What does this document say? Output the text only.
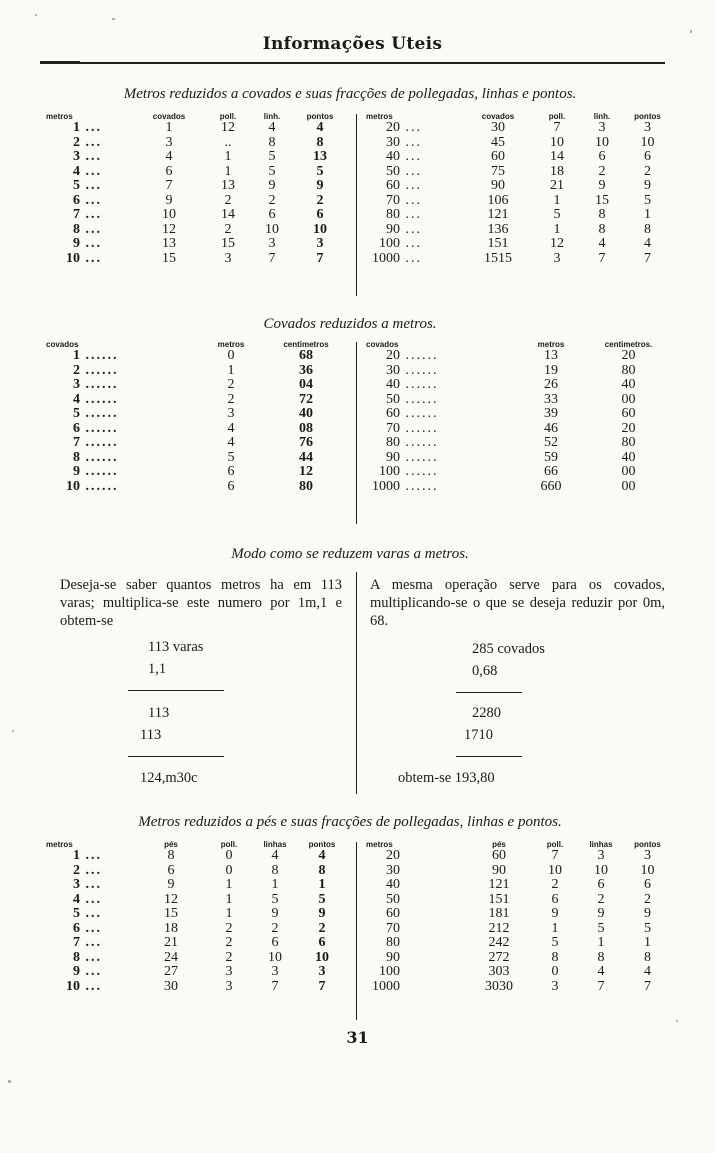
Informações Uteis
Metros reduzidos a covados e suas fracções de pollegadas, linhas e pontos.
metros	covados	poll.	linh.	pontos
1 ...	1	12	4	4
2 ...	3	..	8	8
3 ...	4	1	5	13
4 ...	6	1	5	5
5 ...	7	13	9	9
6 ...	9	2	2	2
7 ...	10	14	6	6
8 ...	12	2	10	10
9 ...	13	15	3	3
10 ...	15	3	7	7
metros	covados	poll.	linh.	pontos
20 ...	30	7	3	3
30 ...	45	10	10	10
40 ...	60	14	6	6
50 ...	75	18	2	2
60 ...	90	21	9	9
70 ...	106	1	15	5
80 ...	121	5	8	1
90 ...	136	1	8	8
100 ...	151	12	4	4
1000 ...	1515	3	7	7
Covados reduzidos a metros.
covados	metros	centimetros
1 ......	0	68
2 ......	1	36
3 ......	2	04
4 ......	2	72
5 ......	3	40
6 ......	4	08
7 ......	4	76
8 ......	5	44
9 ......	6	12
10 ......	6	80
covados	metros	centimetros.
20 ......	13	20
30 ......	19	80
40 ......	26	40
50 ......	33	00
60 ......	39	60
70 ......	46	20
80 ......	52	80
90 ......	59	40
100 ......	66	00
1000 ......	660	00
Modo como se reduzem varas a metros.
Deseja-se saber quantos metros ha em 113 varas; multiplica-se este numero por 1m,1 e obtem-se
A mesma operação serve para os covados, multiplicando-se o que se deseja reduzir por 0m, 68.
113 varas
1,1
113
113
124,m30c
285 covados
0,68
2280
1710
obtem-se 193,80
Metros reduzidos a pés e suas fracções de pollegadas, linhas e pontos.
metros	pés	poll.	linhas	pontos
1 ...	8	0	4	4
2 ...	6	0	8	8
3 ...	9	1	1	1
4 ...	12	1	5	5
5 ...	15	1	9	9
6 ...	18	2	2	2
7 ...	21	2	6	6
8 ...	24	2	10	10
9 ...	27	3	3	3
10 ...	30	3	7	7
metros	pés	poll.	linhas	pontos
20	60	7	3	3
30	90	10	10	10
40	121	2	6	6
50	151	6	2	2
60	181	9	9	9
70	212	1	5	5
80	242	5	1	1
90	272	8	8	8
100	303	0	4	4
1000	3030	3	7	7
31
